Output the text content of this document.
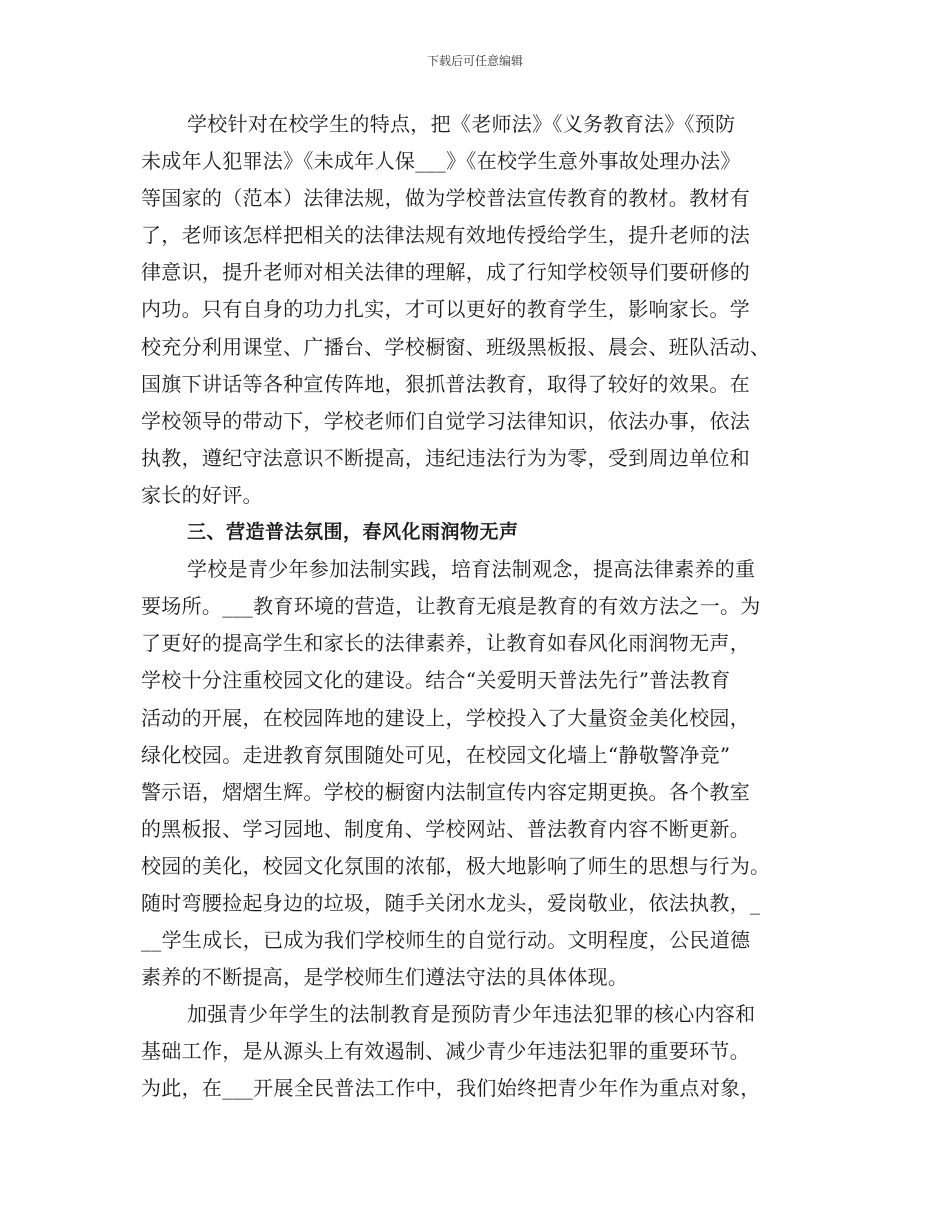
下载后可任意编辑
学校针对在校学生的特点，把《老师法》《义务教育法》《预防
未成年人犯罪法》《未成年人保___》《在校学生意外事故处理办法》
等国家的（范本）法律法规，做为学校普法宣传教育的教材。教材有
了，老师该怎样把相关的法律法规有效地传授给学生，提升老师的法
律意识，提升老师对相关法律的理解，成了行知学校领导们要研修的
内功。只有自身的功力扎实，才可以更好的教育学生，影响家长。学
校充分利用课堂、广播台、学校橱窗、班级黑板报、晨会、班队活动、
国旗下讲话等各种宣传阵地，狠抓普法教育，取得了较好的效果。在
学校领导的带动下，学校老师们自觉学习法律知识，依法办事，依法
执教，遵纪守法意识不断提高，违纪违法行为为零，受到周边单位和
家长的好评。
三、营造普法氛围，春风化雨润物无声
学校是青少年参加法制实践，培育法制观念，提高法律素养的重
要场所。___教育环境的营造，让教育无痕是教育的有效方法之一。为
了更好的提高学生和家长的法律素养，让教育如春风化雨润物无声，
学校十分注重校园文化的建设。结合“关爱明天普法先行”普法教育
活动的开展，在校园阵地的建设上，学校投入了大量资金美化校园，
绿化校园。走进教育氛围随处可见，在校园文化墙上“静敬警净竞”
警示语，熠熠生辉。学校的橱窗内法制宣传内容定期更换。各个教室
的黑板报、学习园地、制度角、学校网站、普法教育内容不断更新。
校园的美化，校园文化氛围的浓郁，极大地影响了师生的思想与行为。
随时弯腰捡起身边的垃圾，随手关闭水龙头，爱岗敬业，依法执教，_
__学生成长，已成为我们学校师生的自觉行动。文明程度，公民道德
素养的不断提高，是学校师生们遵法守法的具体体现。
加强青少年学生的法制教育是预防青少年违法犯罪的核心内容和
基础工作，是从源头上有效遏制、减少青少年违法犯罪的重要环节。
为此，在___开展全民普法工作中，我们始终把青少年作为重点对象，
